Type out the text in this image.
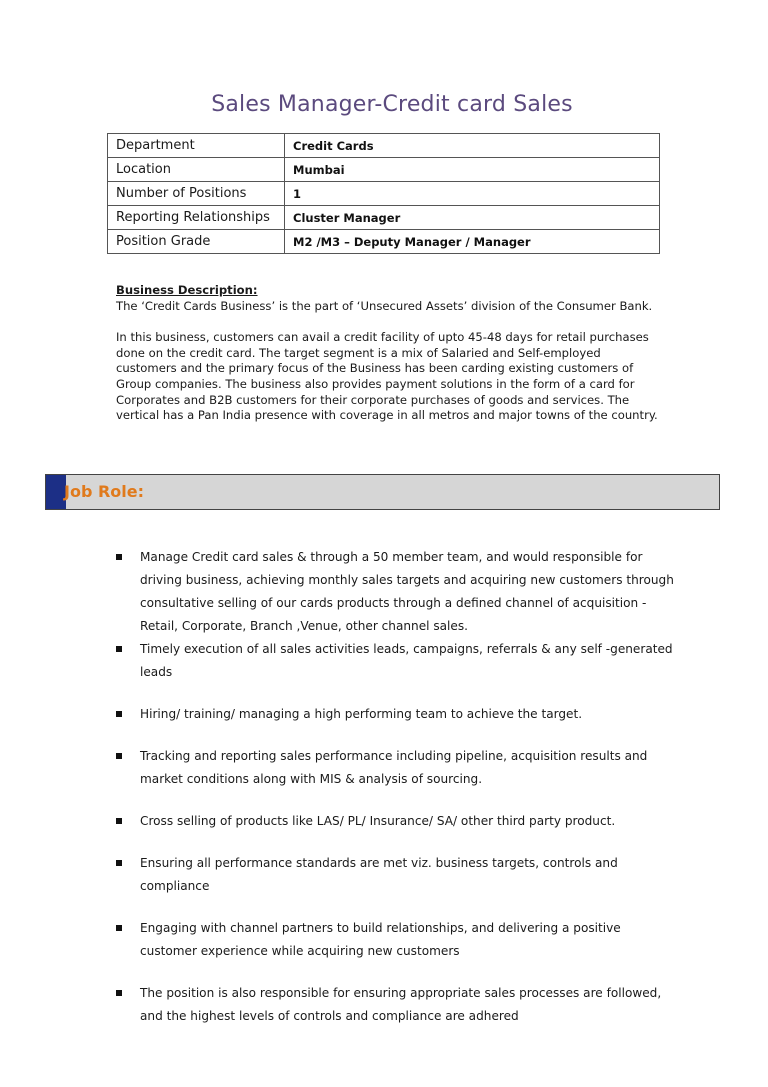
Sales Manager-Credit card Sales
Department	Credit Cards
Location	Mumbai
Number of Positions	1
Reporting Relationships	Cluster Manager
Position Grade	M2 /M3 – Deputy Manager / Manager

Business Description:

The ‘Credit Cards Business’ is the part of ‘Unsecured Assets’ division of the Consumer Bank.

In this business, customers can avail a credit facility of upto 45-48 days for retail purchases done on the credit card. The target segment is a mix of Salaried and Self-employed customers and the primary focus of the Business has been carding existing customers of Group companies. The business also provides payment solutions in the form of a card for Corporates and B2B customers for their corporate purchases of goods and services. The vertical has a Pan India presence with coverage in all metros and major towns of the country.

Job Role:
Manage Credit card sales & through a 50 member team, and would responsible for driving business, achieving monthly sales targets and acquiring new customers through consultative selling of our cards products through a defined channel of acquisition -Retail, Corporate, Branch ,Venue, other channel sales.
Timely execution of all sales activities leads, campaigns, referrals & any self -generated leads
Hiring/ training/ managing a high performing team to achieve the target.
Tracking and reporting sales performance including pipeline, acquisition results and market conditions along with MIS & analysis of sourcing.
Cross selling of products like LAS/ PL/ Insurance/ SA/ other third party product.
Ensuring all performance standards are met viz. business targets, controls and compliance
Engaging with channel partners to build relationships, and delivering a positive customer experience while acquiring new customers
The position is also responsible for ensuring appropriate sales processes are followed, and the highest levels of controls and compliance are adhered
